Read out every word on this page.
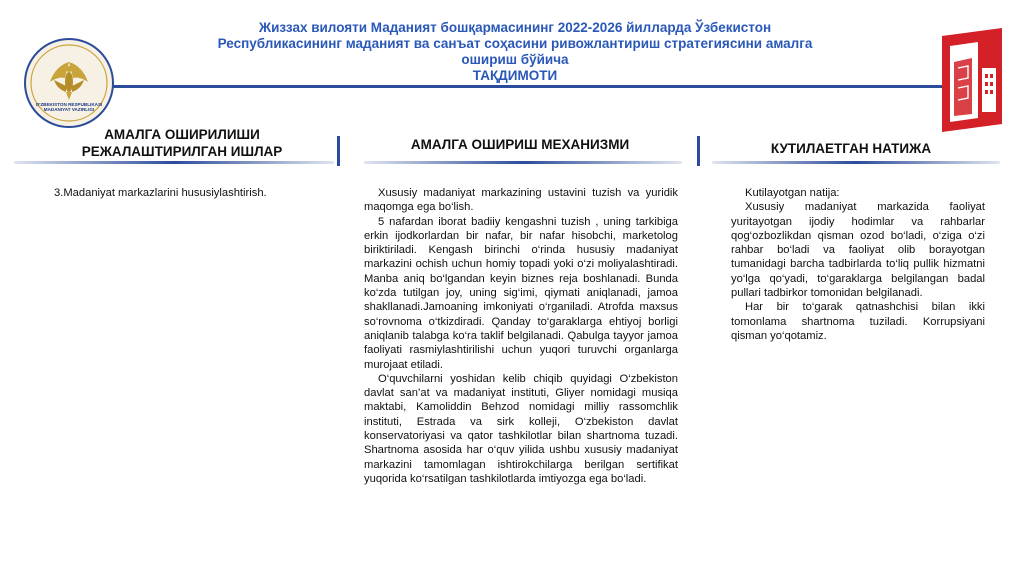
Жиззах вилояти Маданият бошқармасининг 2022-2026 йилларда Ўзбекистон
Республикасининг маданият ва санъат соҳасини ривожлантириш стратегиясини амалга
ошириш бўйича
ТАҚДИМОТИ
O'ZBEKISTON RESPUBLIKASI MADANIYAT VAZIRLIGI
АМАЛГА ОШИРИЛИШИ РЕЖАЛАШТИРИЛГАН ИШЛАР
3.Madaniyat markazlarini hususiylashtirish.
АМАЛГА ОШИРИШ МЕХАНИЗМИ

Xususiy madaniyat markazining ustavini tuzish va yuridik maqomga ega bo‘lish.

5 nafardan iborat badiiy kengashni tuzish , uning tarkibiga erkin ijodkorlardan bir nafar, bir nafar hisobchi, marketolog biriktiriladi. Kengash birinchi o‘rinda hususiy madaniyat markazini ochish uchun homiy topadi yoki o‘zi moliyalashtiradi. Manba aniq bo‘lgandan keyin biznes reja boshlanadi. Bunda ko‘zda tutilgan joy, uning sig‘imi, qiymati aniqlanadi, jamoa shakllanadi.Jamoaning imkoniyati o‘rganiladi. Atrofda maxsus so‘rovnoma o‘tkizdiradi. Qanday to‘garaklarga ehtiyoj borligi aniqlanib talabga ko‘ra taklif belgilanadi. Qabulga tayyor jamoa faoliyati rasmiylashtirilishi uchun yuqori turuvchi organlarga murojaat etiladi.

O‘quvchilarni yoshidan kelib chiqib quyidagi O‘zbekiston davlat san’at va madaniyat instituti, Gliyer nomidagi musiqa maktabi, Kamoliddin Behzod nomidagi milliy rassomchlik instituti, Estrada va sirk kolleji, O‘zbekiston davlat konservatoriyasi va qator tashkilotlar bilan shartnoma tuzadi. Shartnoma asosida har o‘quv yilida ushbu xususiy madaniyat markazini tamomlagan ishtirokchilarga berilgan sertifikat yuqorida ko‘rsatilgan tashkilotlarda imtiyozga ega bo‘ladi.

КУТИЛАЕТГАН НАТИЖА

Kutilayotgan natija:

Xususiy madaniyat markazida faoliyat yuritayotgan ijodiy hodimlar va rahbarlar qog‘ozbozlikdan qisman ozod bo‘ladi, o‘ziga o‘zi rahbar bo‘ladi va faoliyat olib borayotgan tumanidagi barcha tadbirlarda to‘liq pullik hizmatni yo‘lga qo‘yadi, to‘garaklarga belgilangan badal pullari tadbirkor tomonidan belgilanadi.

Har bir to‘garak qatnashchisi bilan ikki tomonlama shartnoma tuziladi. Korrupsiyani qisman yo‘qotamiz.
